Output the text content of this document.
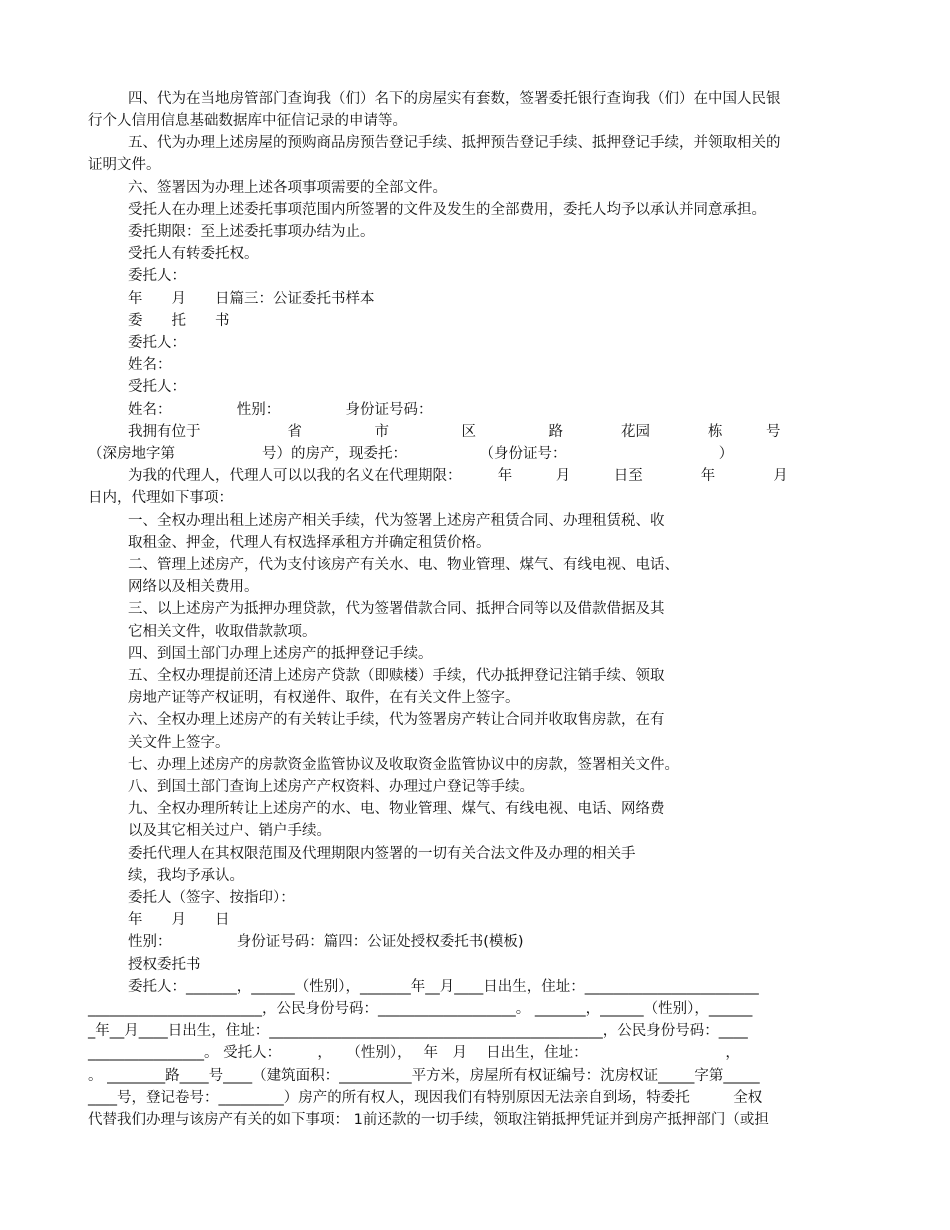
四、代为在当地房管部门查询我（们）名下的房屋实有套数，签署委托银行查询我（们）在中国人民银
行个人信用信息基础数据库中征信记录的申请等。
五、代为办理上述房屋的预购商品房预告登记手续、抵押预告登记手续、抵押登记手续，并领取相关的
证明文件。
六、签署因为办理上述各项事项需要的全部文件。
受托人在办理上述委托事项范围内所签署的文件及发生的全部费用，委托人均予以承认并同意承担。
委托期限：至上述委托事项办结为止。
受托人有转委托权。
委托人：
年　　月　　日篇三：公证委托书样本
委　　托　　书
委托人：
姓名：
受托人：
姓名：　　　　　性别：　　　　　身份证号码：
我拥有位于　　　　　　省　　　　　市　　　　　区　　　　　路　　　　花园　　　　栋　　　号
（深房地字第　　　　　　号）的房产，现委托：　　　　　　（身份证号：　　　　　　　　　　　）
为我的代理人，代理人可以以我的名义在代理期限：　　　年　　　月　　　日至　　　　年　　　　月
日内，代理如下事项：
一、全权办理出租上述房产相关手续，代为签署上述房产租赁合同、办理租赁税、收
取租金、押金，代理人有权选择承租方并确定租赁价格。
二、管理上述房产，代为支付该房产有关水、电、物业管理、煤气、有线电视、电话、
网络以及相关费用。
三、以上述房产为抵押办理贷款，代为签署借款合同、抵押合同等以及借款借据及其
它相关文件，收取借款款项。
四、到国土部门办理上述房产的抵押登记手续。
五、全权办理提前还清上述房产贷款（即赎楼）手续，代办抵押登记注销手续、领取
房地产证等产权证明，有权递件、取件，在有关文件上签字。
六、全权办理上述房产的有关转让手续，代为签署房产转让合同并收取售房款，在有
关文件上签字。
七、办理上述房产的房款资金监管协议及收取资金监管协议中的房款，签署相关文件。
八、到国土部门查询上述房产产权资料、办理过户登记等手续。
九、全权办理所转让上述房产的水、电、物业管理、煤气、有线电视、电话、网络费
以及其它相关过户、销户手续。
委托代理人在其权限范围及代理期限内签署的一切有关合法文件及办理的相关手
续，我均予承认。
委托人（签字、按指印）：
年　　月　　日
性别：　　　　　身份证号码：篇四：公证处授权委托书(模板)
授权委托书
委托人：_______，______（性别），_______年__月____日出生，住址：________________________
________________________，公民身份号码：___________________。 _______，______（性别），______
_年__月____日出生，住址：______________________________________________，公民身份号码：____
________________。 受托人：　　　，　　（性别），　 年　月　 日出生，住址：　　　　　　　　　　，
。 ________路____号____（建筑面积：__________平方米，房屋所有权证编号：沈房权证_____字第_____
____号，登记卷号：_________）房产的所有权人，现因我们有特别原因无法亲自到场，特委托　　　全权
代替我们办理与该房产有关的如下事项： 1前还款的一切手续，领取注销抵押凭证并到房产抵押部门（或担
